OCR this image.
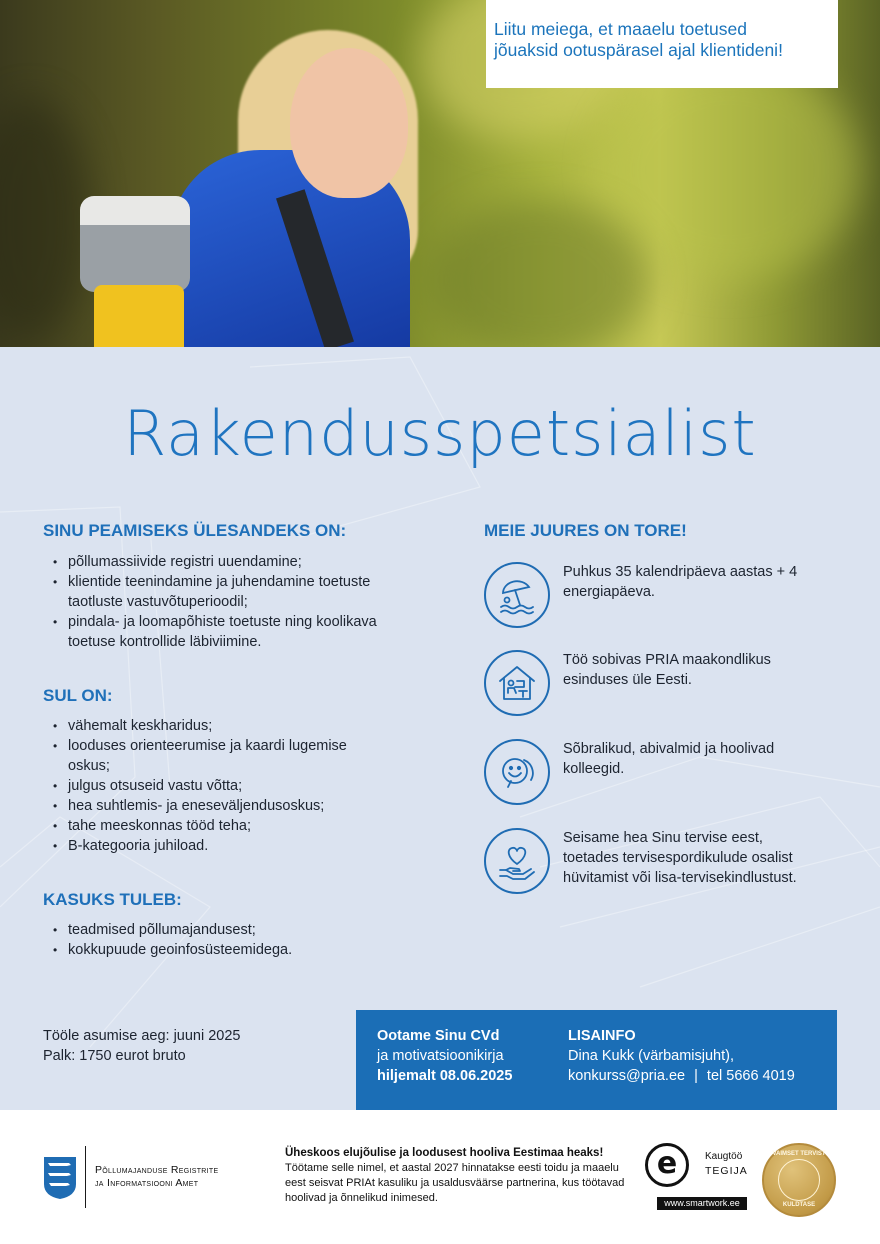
Liitu meiega, et maaelu toetused
jõuaksid ootuspärasel ajal klientideni!
Rakendusspetsialist
SINU PEAMISEKS ÜLESANDEKS ON:
• põllumassiivide registri uuendamine;
• klientide teenindamine ja juhendamine toetuste taotluste vastuvõtuperioodil;
• pindala- ja loomapõhiste toetuste ning koolikava toetuse kontrollide läbiviimine.
SUL ON:
• vähemalt keskharidus;
• looduses orienteerumise ja kaardi lugemise oskus;
• julgus otsuseid vastu võtta;
• hea suhtlemis- ja eneseväljendusoskus;
• tahe meeskonnas tööd teha;
• B-kategooria juhiload.
KASUKS TULEB:
• teadmised põllumajandusest;
• kokkupuude geoinfosüsteemidega.
MEIE JUURES ON TORE!
Puhkus 35 kalendripäeva aastas + 4 energiapäeva.
Töö sobivas PRIA maakondlikus esinduses üle Eesti.
Sõbralikud, abivalmid ja hoolivad kolleegid.
Seisame hea Sinu tervise eest, toetades tervisespordikulude osalist hüvitamist või lisa-tervisekindlustust.
Tööle asumise aeg: juuni 2025
Palk: 1750 eurot bruto
Ootame Sinu CVd
ja motivatsioonikirja
hiljemalt 08.06.2025
LISAINFO
Dina Kukk (värbamisjuht),
konkurss@pria.ee | tel 5666 4019
Põllumajanduse Registrite
ja Informatsiooni Amet
Üheskoos elujõulise ja loodusest hooliva Eestimaa heaks!
Töötame selle nimel, et aastal 2027 hinnatakse eesti toidu ja maaelu eest seisvat PRIAt kasuliku ja usaldusväärse partnerina, kus töötavad hoolivad ja õnnelikud inimesed.
e	Kaugtöö
TEGIJA
www.smartwork.ee
VAIMSET TERVIST
KULDTASE
